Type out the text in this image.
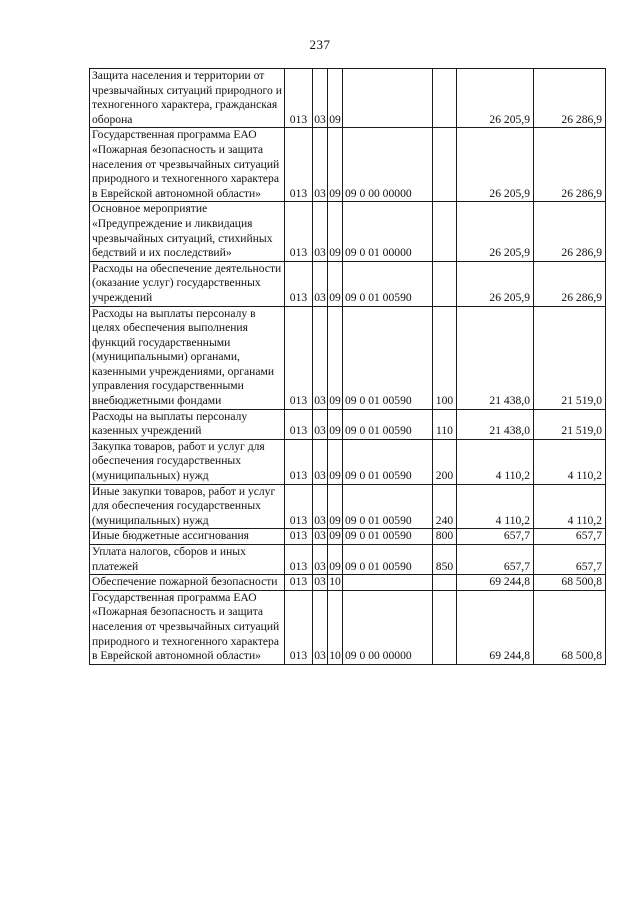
237
Защита населения и территории от чрезвычайных ситуаций природного и техногенного характера, гражданская оборона	013	03	09			26 205,9	26 286,9
Государственная программа ЕАО «Пожарная безопасность и защита населения от чрезвычайных ситуаций природного и техногенного характера в Еврейской автономной области»	013	03	09	09 0 00 00000		26 205,9	26 286,9
Основное мероприятие «Предупреждение и ликвидация чрезвычайных ситуаций, стихийных бедствий и их последствий»	013	03	09	09 0 01 00000		26 205,9	26 286,9
Расходы на обеспечение деятельности (оказание услуг) государственных учреждений	013	03	09	09 0 01 00590		26 205,9	26 286,9
Расходы на выплаты персоналу в целях обеспечения выполнения функций государственными (муниципальными) органами, казенными учреждениями, органами управления государственными внебюджетными фондами	013	03	09	09 0 01 00590	100	21 438,0	21 519,0
Расходы на выплаты персоналу казенных учреждений	013	03	09	09 0 01 00590	110	21 438,0	21 519,0
Закупка товаров, работ и услуг для обеспечения государственных (муниципальных) нужд	013	03	09	09 0 01 00590	200	4 110,2	4 110,2
Иные закупки товаров, работ и услуг для обеспечения государственных (муниципальных) нужд	013	03	09	09 0 01 00590	240	4 110,2	4 110,2
Иные бюджетные ассигнования	013	03	09	09 0 01 00590	800	657,7	657,7
Уплата налогов, сборов и иных платежей	013	03	09	09 0 01 00590	850	657,7	657,7
Обеспечение пожарной безопасности	013	03	10			69 244,8	68 500,8
Государственная программа ЕАО «Пожарная безопасность и защита населения от чрезвычайных ситуаций природного и техногенного характера в Еврейской автономной области»	013	03	10	09 0 00 00000		69 244,8	68 500,8
